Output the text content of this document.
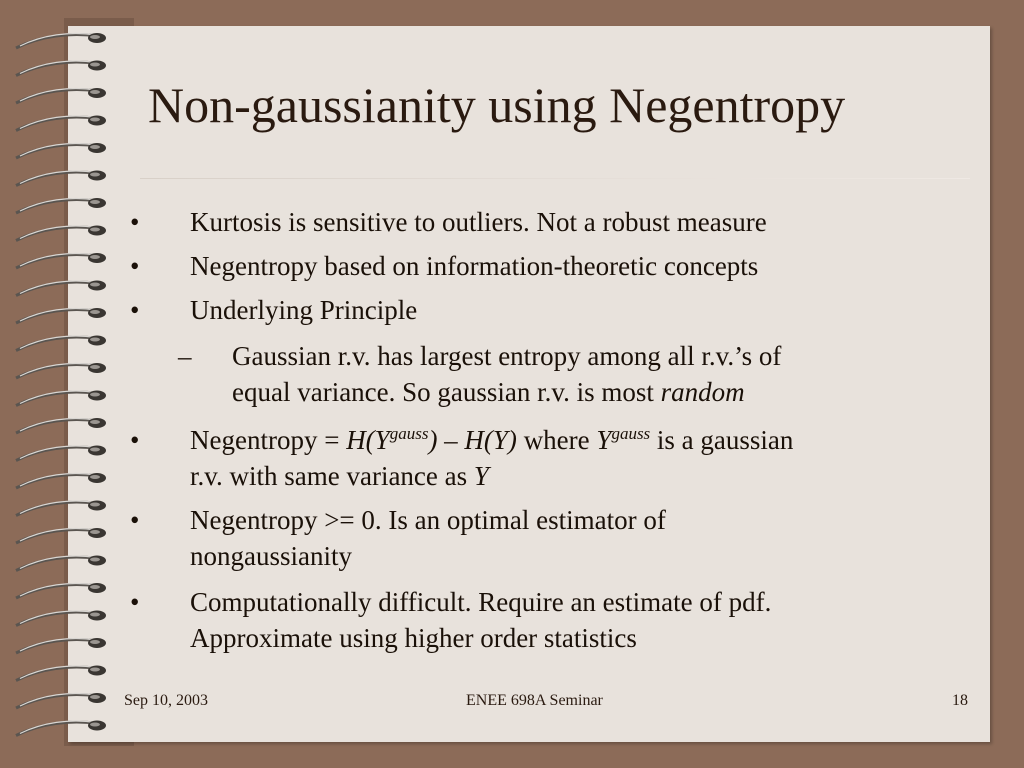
Non-gaussianity using Negentropy
• Kurtosis is sensitive to outliers. Not a robust measure
• Negentropy based on information-theoretic concepts
• Underlying Principle
– Gaussian r.v. has largest entropy among all r.v.’s of
equal variance. So gaussian r.v. is most random
• Negentropy = $H(Y^{gauss}) - H(Y)$ where $Y^{gauss}$ is a gaussian
r.v. with same variance as Y
• Negentropy >= 0. Is an optimal estimator of
nongaussianity
• Computationally difficult. Require an estimate of pdf.
Approximate using higher order statistics
Sep 10, 2003	ENEE 698A Seminar	18
